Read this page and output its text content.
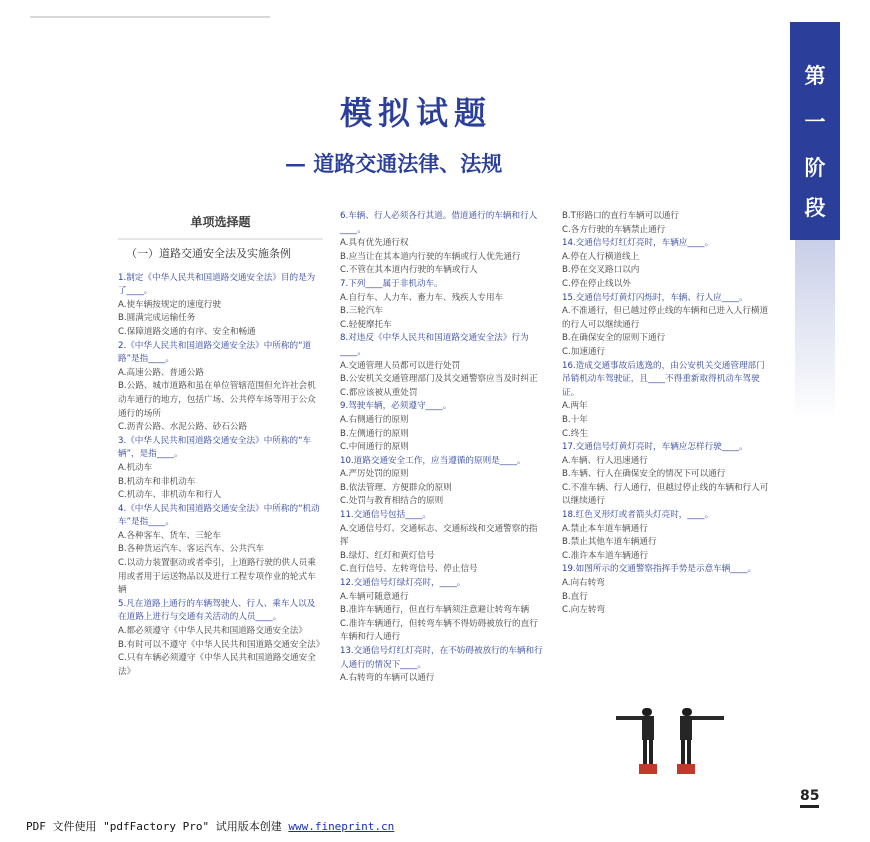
第
一
阶
段
模拟试题
— 道路交通法律、法规
单项选择题
（一）道路交通安全法及实施条例
1.制定《中华人民共和国道路交通安全法》目的是为了____。
A.使车辆按规定的速度行驶
B.圆满完成运输任务
C.保障道路交通的有序、安全和畅通
2.《中华人民共和国道路交通安全法》中所称的“道路”是指____。
A.高速公路、普通公路
B.公路、城市道路和虽在单位管辖范围但允许社会机动车通行的地方，包括广场、公共停车场等用于公众通行的场所
C.沥青公路、水泥公路、砂石公路
3.《中华人民共和国道路交通安全法》中所称的“车辆”，是指____。
A.机动车
B.机动车和非机动车
C.机动车、非机动车和行人
4.《中华人民共和国道路交通安全法》中所称的“机动车”是指____。
A.各种客车、货车、三轮车
B.各种货运汽车、客运汽车、公共汽车
C.以动力装置驱动或者牵引，上道路行驶的供人员乘用或者用于运送物品以及进行工程专项作业的轮式车辆
5.凡在道路上通行的车辆驾驶人、行人、乘车人以及在道路上进行与交通有关活动的人员____。
A.都必须遵守《中华人民共和国道路交通安全法》
B.有时可以不遵守《中华人民共和国道路交通安全法》
C.只有车辆必须遵守《中华人民共和国道路交通安全法》
6.车辆、行人必须各行其道。借道通行的车辆和行人____。
A.具有优先通行权
B.应当让在其本道内行驶的车辆或行人优先通行
C.不管在其本道内行驶的车辆或行人
7.下列____属于非机动车。
A.自行车、人力车、畜力车、残疾人专用车
B.三轮汽车
C.轻便摩托车
8.对违反《中华人民共和国道路交通安全法》行为____。
A.交通管理人员都可以进行处罚
B.公安机关交通管理部门及其交通警察应当及时纠正
C.都应该被从重处罚
9.驾驶车辆，必须遵守____。
A.右侧通行的原则
B.左侧通行的原则
C.中间通行的原则
10.道路交通安全工作，应当遵循的原则是____。
A.严厉处罚的原则
B.依法管理、方便群众的原则
C.处罚与教育相结合的原则
11.交通信号包括____。
A.交通信号灯、交通标志、交通标线和交通警察的指挥
B.绿灯、红灯和黄灯信号
C.直行信号、左转弯信号、停止信号
12.交通信号灯绿灯亮时，____。
A.车辆可随意通行
B.准许车辆通行，但直行车辆须注意避让转弯车辆
C.准许车辆通行，但转弯车辆不得妨碍被放行的直行车辆和行人通行
13.交通信号灯红灯亮时，在不妨碍被放行的车辆和行人通行的情况下____。
A.右转弯的车辆可以通行
B.T形路口的直行车辆可以通行
C.各方行驶的车辆禁止通行
14.交通信号灯红灯亮时，车辆应____。
A.停在人行横道线上
B.停在交叉路口以内
C.停在停止线以外
15.交通信号灯黄灯闪烁时，车辆、行人应____。
A.不准通行，但已越过停止线的车辆和已进入人行横道的行人可以继续通行
B.在确保安全的原则下通行
C.加速通行
16.造成交通事故后逃逸的，由公安机关交通管理部门吊销机动车驾驶证，且____不得重新取得机动车驾驶证。
A.两年
B.十年
C.终生
17.交通信号灯黄灯亮时，车辆应怎样行驶____。
A.车辆、行人迅速通行
B.车辆、行人在确保安全的情况下可以通行
C.不准车辆、行人通行，但越过停止线的车辆和行人可以继续通行
18.红色叉形灯或者箭头灯亮时，____。
A.禁止本车道车辆通行
B.禁止其他车道车辆通行
C.准许本车道车辆通行
19.如图所示的交通警察指挥手势是示意车辆____。
A.向右转弯
B.直行
C.向左转弯
85
PDF 文件使用 "pdfFactory Pro" 试用版本创建 www.fineprint.cn
